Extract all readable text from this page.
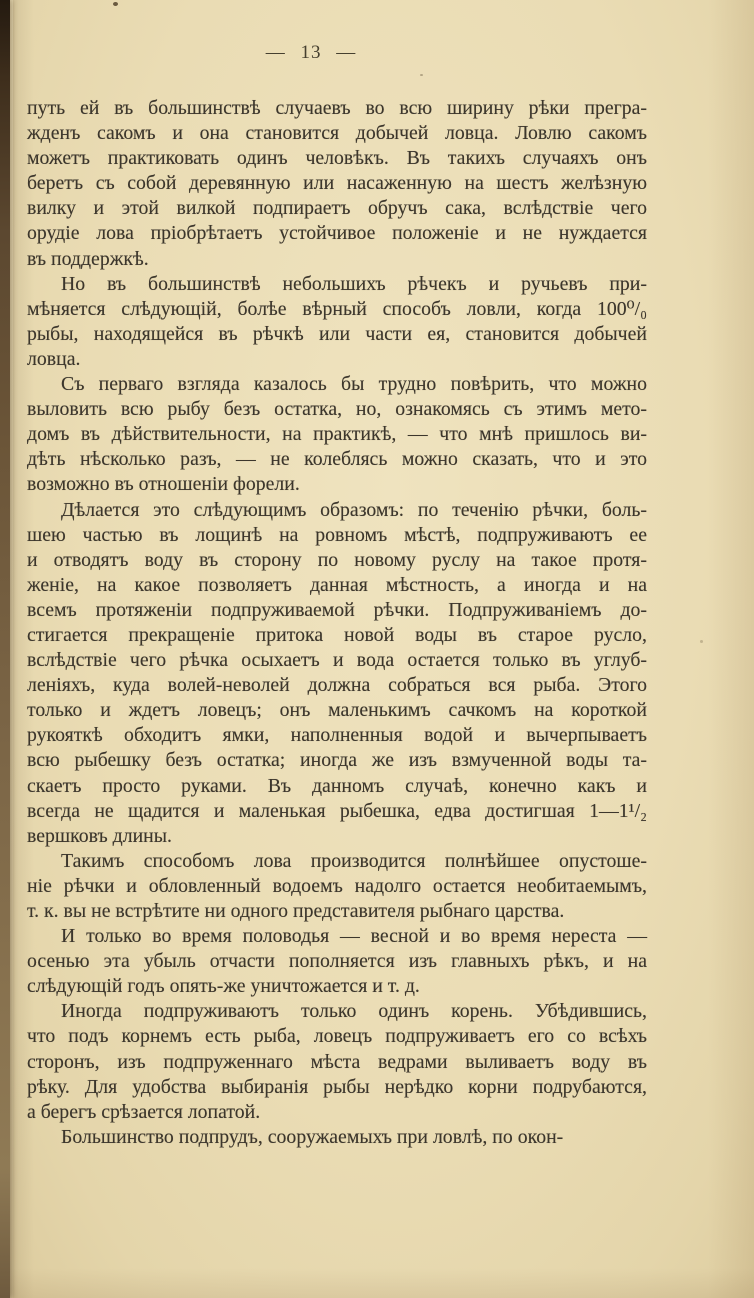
— 13 —
путь ей въ большинствѣ случаевъ во всю ширину рѣки прегра-
жденъ сакомъ и она становится добычей ловца. Ловлю сакомъ
можетъ практиковать одинъ человѣкъ. Въ такихъ случаяхъ онъ
беретъ съ собой деревянную или насаженную на шестъ желѣзную
вилку и этой вилкой подпираетъ обручъ сака, вслѣдствіе чего
орудіе лова пріобрѣтаетъ устойчивое положеніе и не нуждается
въ поддержкѣ.
Но въ большинствѣ небольшихъ рѣчекъ и ручьевъ при-
мѣняется слѣдующій, болѣе вѣрный способъ ловли, когда 100⁰/₀
рыбы, находящейся въ рѣчкѣ или части ея, становится добычей
ловца.
Съ перваго взгляда казалось бы трудно повѣрить, что можно
выловить всю рыбу безъ остатка, но, ознакомясь съ этимъ мето-
домъ въ дѣйствительности, на практикѣ, — что мнѣ пришлось ви-
дѣть нѣсколько разъ, — не колеблясь можно сказать, что и это
возможно въ отношеніи форели.
Дѣлается это слѣдующимъ образомъ: по теченію рѣчки, боль-
шею частью въ лощинѣ на ровномъ мѣстѣ, подпруживаютъ ее
и отводятъ воду въ сторону по новому руслу на такое протя-
женіе, на какое позволяетъ данная мѣстность, а иногда и на
всемъ протяженіи подпруживаемой рѣчки. Подпруживаніемъ до-
стигается прекращеніе притока новой воды въ старое русло,
вслѣдствіе чего рѣчка осыхаетъ и вода остается только въ углуб-
леніяхъ, куда волей-неволей должна собраться вся рыба. Этого
только и ждетъ ловецъ; онъ маленькимъ сачкомъ на короткой
рукояткѣ обходитъ ямки, наполненныя водой и вычерпываетъ
всю рыбешку безъ остатка; иногда же изъ взмученной воды та-
скаетъ просто руками. Въ данномъ случаѣ, конечно какъ и
всегда не щадится и маленькая рыбешка, едва достигшая 1—1¹/₂
вершковъ длины.
Такимъ способомъ лова производится полнѣйшее опустоше-
ніе рѣчки и обловленный водоемъ надолго остается необитаемымъ,
т. к. вы не встрѣтите ни одного представителя рыбнаго царства.
И только во время половодья — весной и во время нереста —
осенью эта убыль отчасти пополняется изъ главныхъ рѣкъ, и на
слѣдующій годъ опять-же уничтожается и т. д.
Иногда подпруживаютъ только одинъ корень. Убѣдившись,
что подъ корнемъ есть рыба, ловецъ подпруживаетъ его со всѣхъ
сторонъ, изъ подпруженнаго мѣста ведрами выливаетъ воду въ
рѣку. Для удобства выбиранія рыбы нерѣдко корни подрубаются,
а берегъ срѣзается лопатой.
Большинство подпрудъ, сооружаемыхъ при ловлѣ, по окон-
